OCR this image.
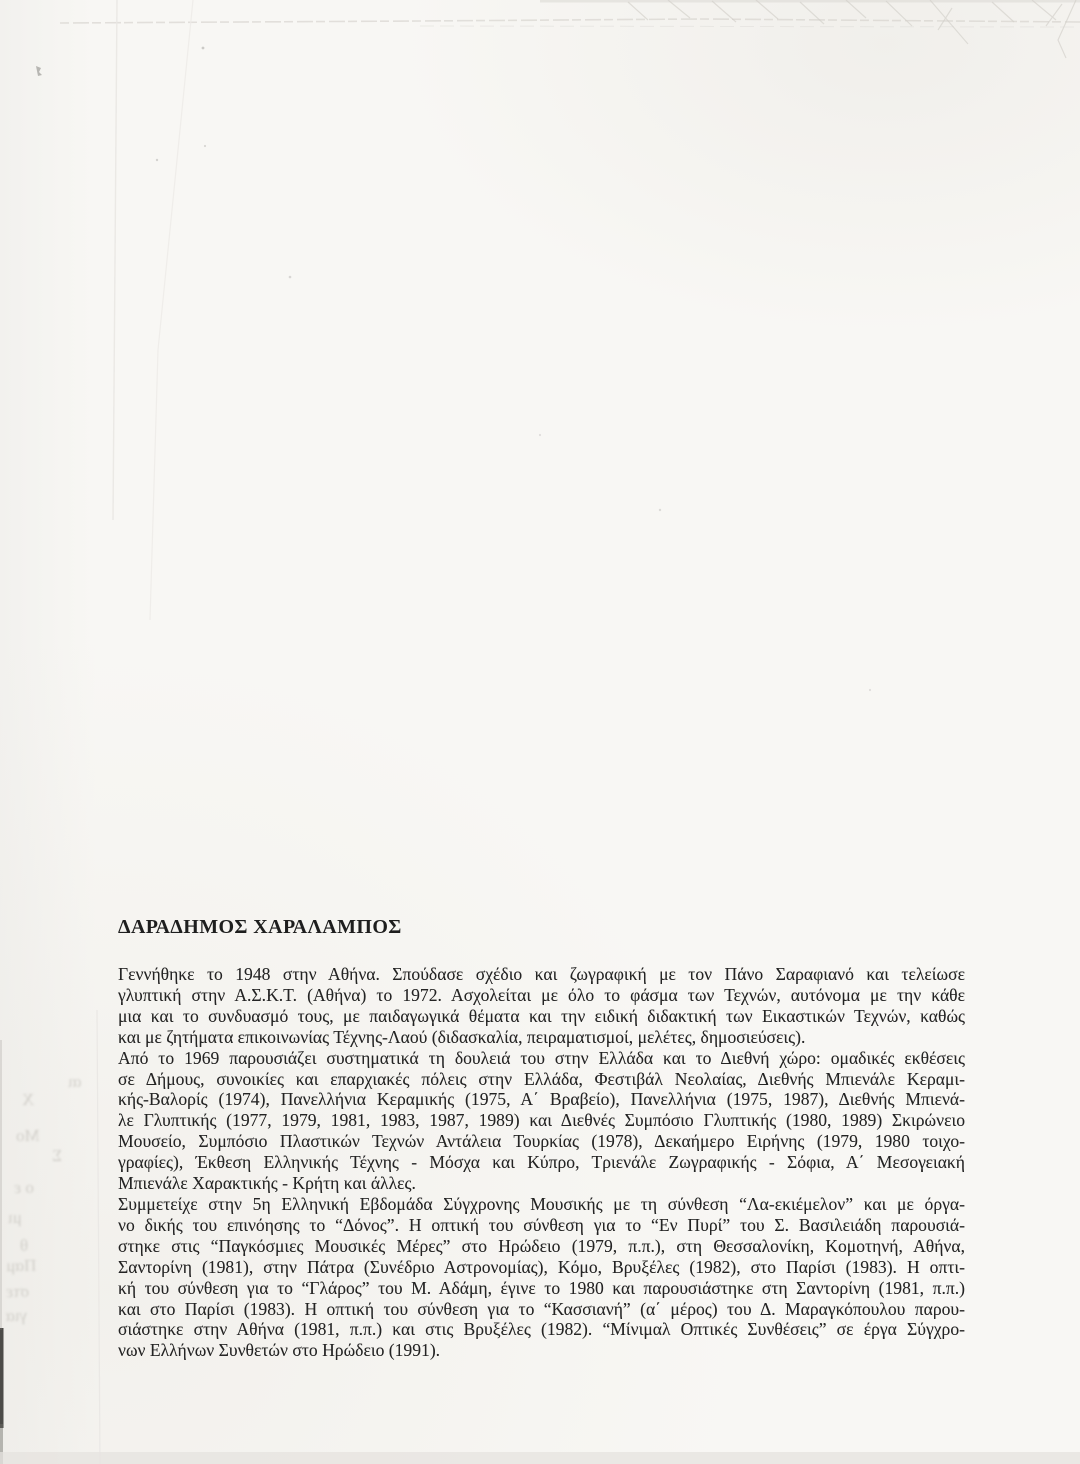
αι
Χ
Μο
Σ
ο ε
μι
θ
Παμ
στε
για
ΔΑΡΑΔΗΜΟΣ ΧΑΡΑΛΑΜΠΟΣ
Γεννήθηκε το 1948 στην Αθήνα. Σπούδασε σχέδιο και ζωγραφική με τον Πάνο Σαραφιανό και τελείωσε
γλυπτική στην Α.Σ.Κ.Τ. (Αθήνα) το 1972. Ασχολείται με όλο το φάσμα των Τεχνών, αυτόνομα με την κάθε
μια και το συνδυασμό τους, με παιδαγωγικά θέματα και την ειδική διδακτική των Εικαστικών Τεχνών, καθώς
και με ζητήματα επικοινωνίας Τέχνης-Λαού (διδασκαλία, πειραματισμοί, μελέτες, δημοσιεύσεις).
Από το 1969 παρουσιάζει συστηματικά τη δουλειά του στην Ελλάδα και το Διεθνή χώρο: ομαδικές εκθέσεις
σε Δήμους, συνοικίες και επαρχιακές πόλεις στην Ελλάδα, Φεστιβάλ Νεολαίας, Διεθνής Μπιενάλε Κεραμι-
κής-Βαλορίς (1974), Πανελλήνια Κεραμικής (1975, Α΄ Βραβείο), Πανελλήνια (1975, 1987), Διεθνής Μπιενά-
λε Γλυπτικής (1977, 1979, 1981, 1983, 1987, 1989) και Διεθνές Συμπόσιο Γλυπτικής (1980, 1989) Σκιρώνειο
Μουσείο, Συμπόσιο Πλαστικών Τεχνών Αντάλεια Τουρκίας (1978), Δεκαήμερο Ειρήνης (1979, 1980 τοιχο-
γραφίες), Έκθεση Ελληνικής Τέχνης - Μόσχα και Κύπρο, Τριενάλε Ζωγραφικής - Σόφια, Α΄ Μεσογειακή
Μπιενάλε Χαρακτικής - Κρήτη και άλλες.
Συμμετείχε στην 5η Ελληνική Εβδομάδα Σύγχρονης Μουσικής με τη σύνθεση “Λα-εκιέμελον” και με όργα-
νο δικής του επινόησης το “Δόνος”. Η οπτική του σύνθεση για το “Εν Πυρί” του Σ. Βασιλειάδη παρουσιά-
στηκε στις “Παγκόσμιες Μουσικές Μέρες” στο Ηρώδειο (1979, π.π.), στη Θεσσαλονίκη, Κομοτηνή, Αθήνα,
Σαντορίνη (1981), στην Πάτρα (Συνέδριο Αστρονομίας), Κόμο, Βρυξέλες (1982), στο Παρίσι (1983). Η οπτι-
κή του σύνθεση για το “Γλάρος” του Μ. Αδάμη, έγινε το 1980 και παρουσιάστηκε στη Σαντορίνη (1981, π.π.)
και στο Παρίσι (1983). Η οπτική του σύνθεση για το “Κασσιανή” (α΄ μέρος) του Δ. Μαραγκόπουλου παρου-
σιάστηκε στην Αθήνα (1981, π.π.) και στις Βρυξέλες (1982). “Μίνιμαλ Οπτικές Συνθέσεις” σε έργα Σύγχρο-
νων Ελλήνων Συνθετών στο Ηρώδειο (1991).
